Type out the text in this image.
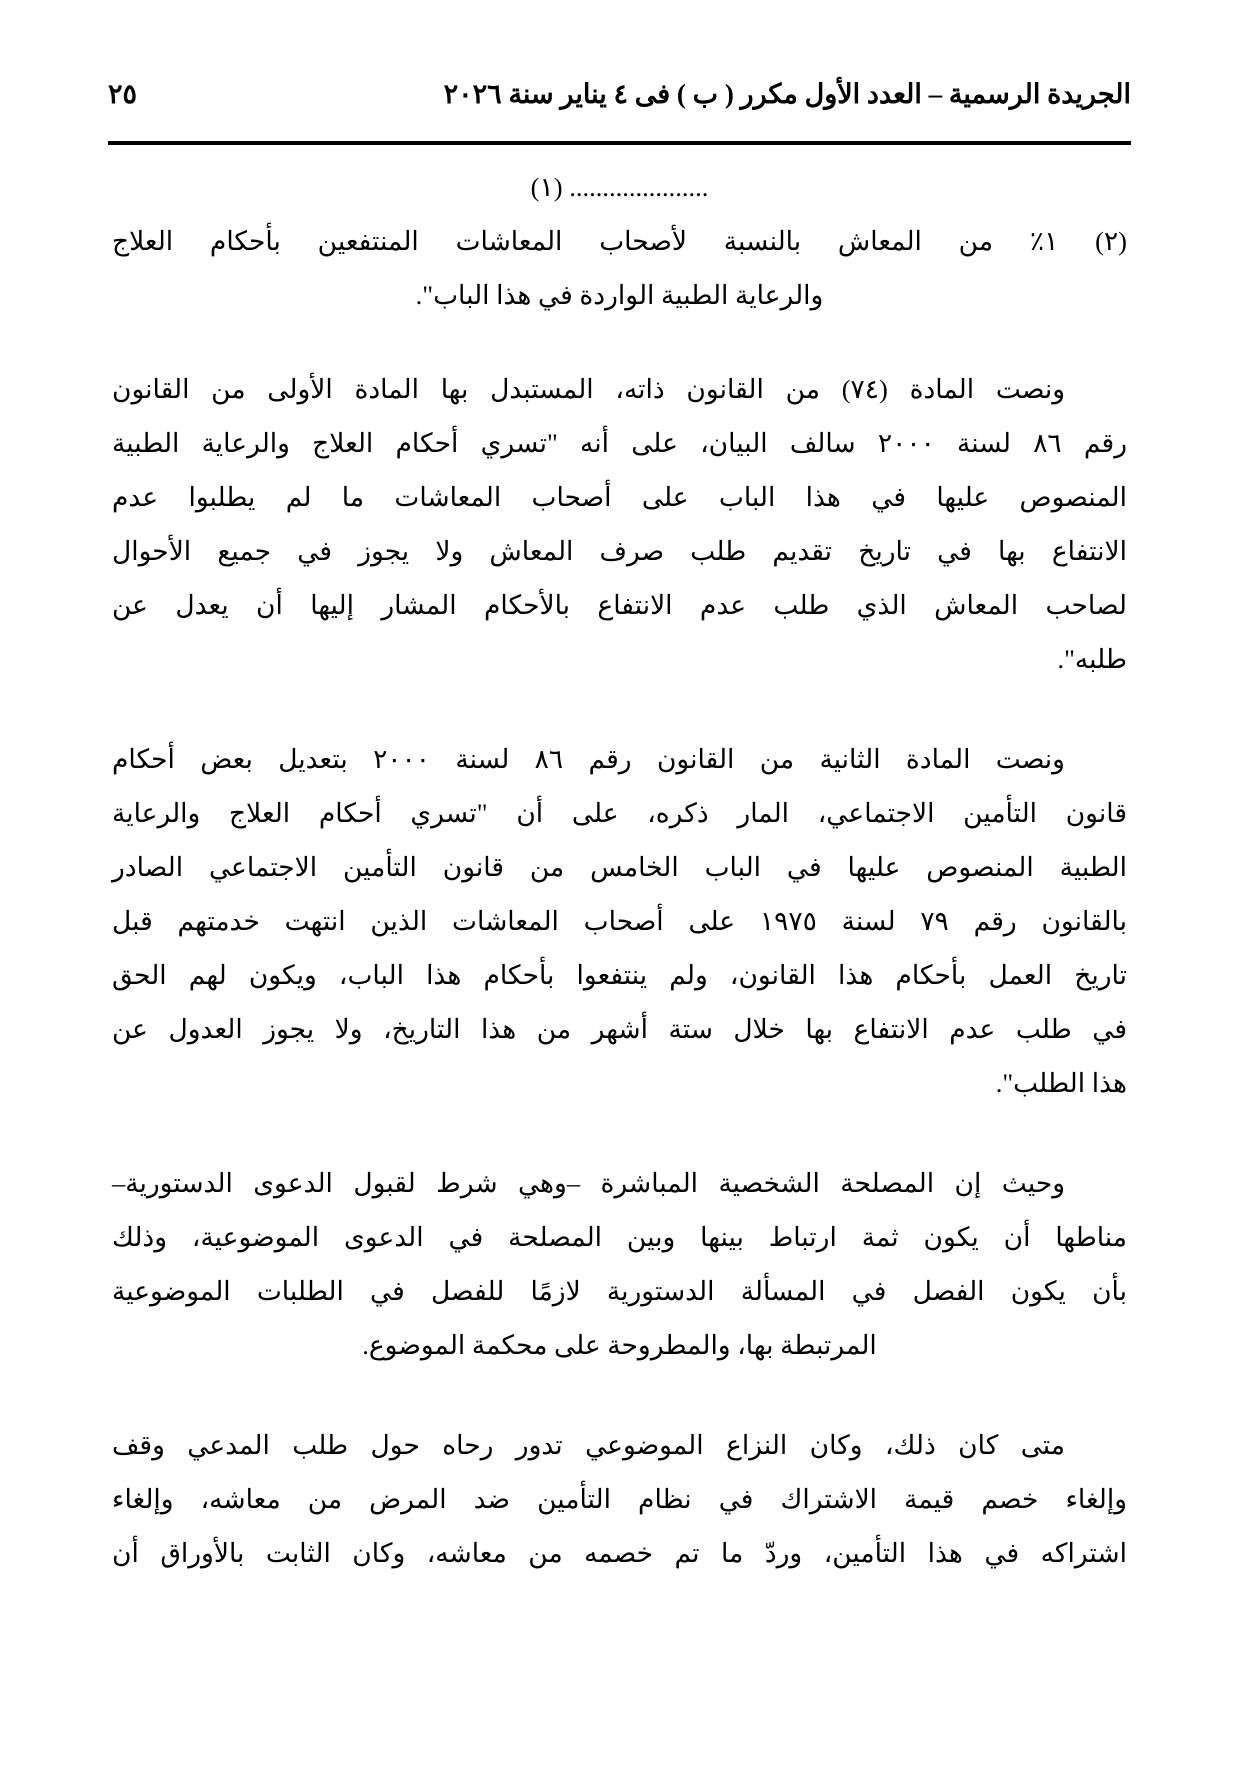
الجريدة الرسمية – العدد الأول مكرر ( ب ) فى ٤ يناير سنة ٢٠٢٦
٢٥
..................... (١)
(٢) ١٪ من المعاش بالنسبة لأصحاب المعاشات المنتفعين بأحكام العلاج
والرعاية الطبية الواردة في هذا الباب".
ونصت المادة (٧٤) من القانون ذاته، المستبدل بها المادة الأولى من القانون
رقم ٨٦ لسنة ٢٠٠٠ سالف البيان، على أنه "تسري أحكام العلاج والرعاية الطبية
المنصوص عليها في هذا الباب على أصحاب المعاشات ما لم يطلبوا عدم
الانتفاع بها في تاريخ تقديم طلب صرف المعاش ولا يجوز في جميع الأحوال
لصاحب المعاش الذي طلب عدم الانتفاع بالأحكام المشار إليها أن يعدل عن
طلبه".
ونصت المادة الثانية من القانون رقم ٨٦ لسنة ٢٠٠٠ بتعديل بعض أحكام
قانون التأمين الاجتماعي، المار ذكره، على أن "تسري أحكام العلاج والرعاية
الطبية المنصوص عليها في الباب الخامس من قانون التأمين الاجتماعي الصادر
بالقانون رقم ٧٩ لسنة ١٩٧٥ على أصحاب المعاشات الذين انتهت خدمتهم قبل
تاريخ العمل بأحكام هذا القانون، ولم ينتفعوا بأحكام هذا الباب، ويكون لهم الحق
في طلب عدم الانتفاع بها خلال ستة أشهر من هذا التاريخ، ولا يجوز العدول عن
هذا الطلب".
وحيث إن المصلحة الشخصية المباشرة –وهي شرط لقبول الدعوى الدستورية–
مناطها أن يكون ثمة ارتباط بينها وبين المصلحة في الدعوى الموضوعية، وذلك
بأن يكون الفصل في المسألة الدستورية لازمًا للفصل في الطلبات الموضوعية
المرتبطة بها، والمطروحة على محكمة الموضوع.
متى كان ذلك، وكان النزاع الموضوعي تدور رحاه حول طلب المدعي وقف
وإلغاء خصم قيمة الاشتراك في نظام التأمين ضد المرض من معاشه، وإلغاء
اشتراكه في هذا التأمين، وردّ ما تم خصمه من معاشه، وكان الثابت بالأوراق أن
